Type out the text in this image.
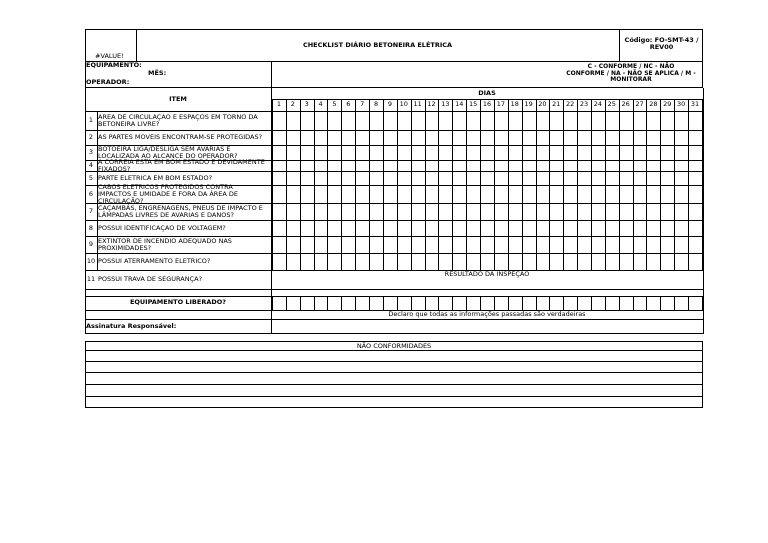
#VALUE!
CHECKLIST DIÁRIO BETONEIRA ELÉTRICA
Código: FO-SMT-43 /
REV00
EQUIPAMENTO:
MÊS:
OPERADOR:
C - CONFORME / NC - NÃO
CONFORME / NA - NÃO SE APLICA / M -
MONITORAR
NÃO CONFORMIDADES
ITEM
DIAS
1	2	3	4	5	6	7	8	9	10 11 12 13 14 15 16 17 18 19 20 21 22 23 24 25 26 27 28 29 30 31
1 ÁREA DE CIRCULAÇÃO E ESPAÇOS EM TORNO DA
BETONEIRA LIVRE?
2 AS PARTES MÓVEIS ENCONTRAM-SE PROTEGIDAS?
3 BOTOEIRA LIGA/DESLIGA SEM AVARIAS E
LOCALIZADA AO ALCANCE DO OPERADOR?
4 A CORREIA ESTÁ EM BOM ESTADO E DEVIDAMENTE
FIXADOS?
5 PARTE ELÉTRICA EM BOM ESTADO?
6
CABOS ELÉTRICOS PROTEGIDOS CONTRA
IMPACTOS E UMIDADE E FORA DA ÁREA DE
CIRCULAÇÃO?
7 CAÇAMBAS, ENGRENAGENS, PNEUS DE IMPACTO E
LÂMPADAS LIVRES DE AVARIAS E DANOS?
8 POSSUI IDENTIFICAÇÃO DE VOLTAGEM?
9 EXTINTOR DE INCÊNDIO ADEQUADO NAS
PROXIMIDADES?
10 POSSUI ATERRAMENTO ELÉTRICO?
11 POSSUI TRAVA DE SEGURANÇA?
RESULTADO DA INSPEÇÃO
EQUIPAMENTO LIBERADO?
Declaro que todas as informações passadas são verdadeiras
Assinatura Responsável:
